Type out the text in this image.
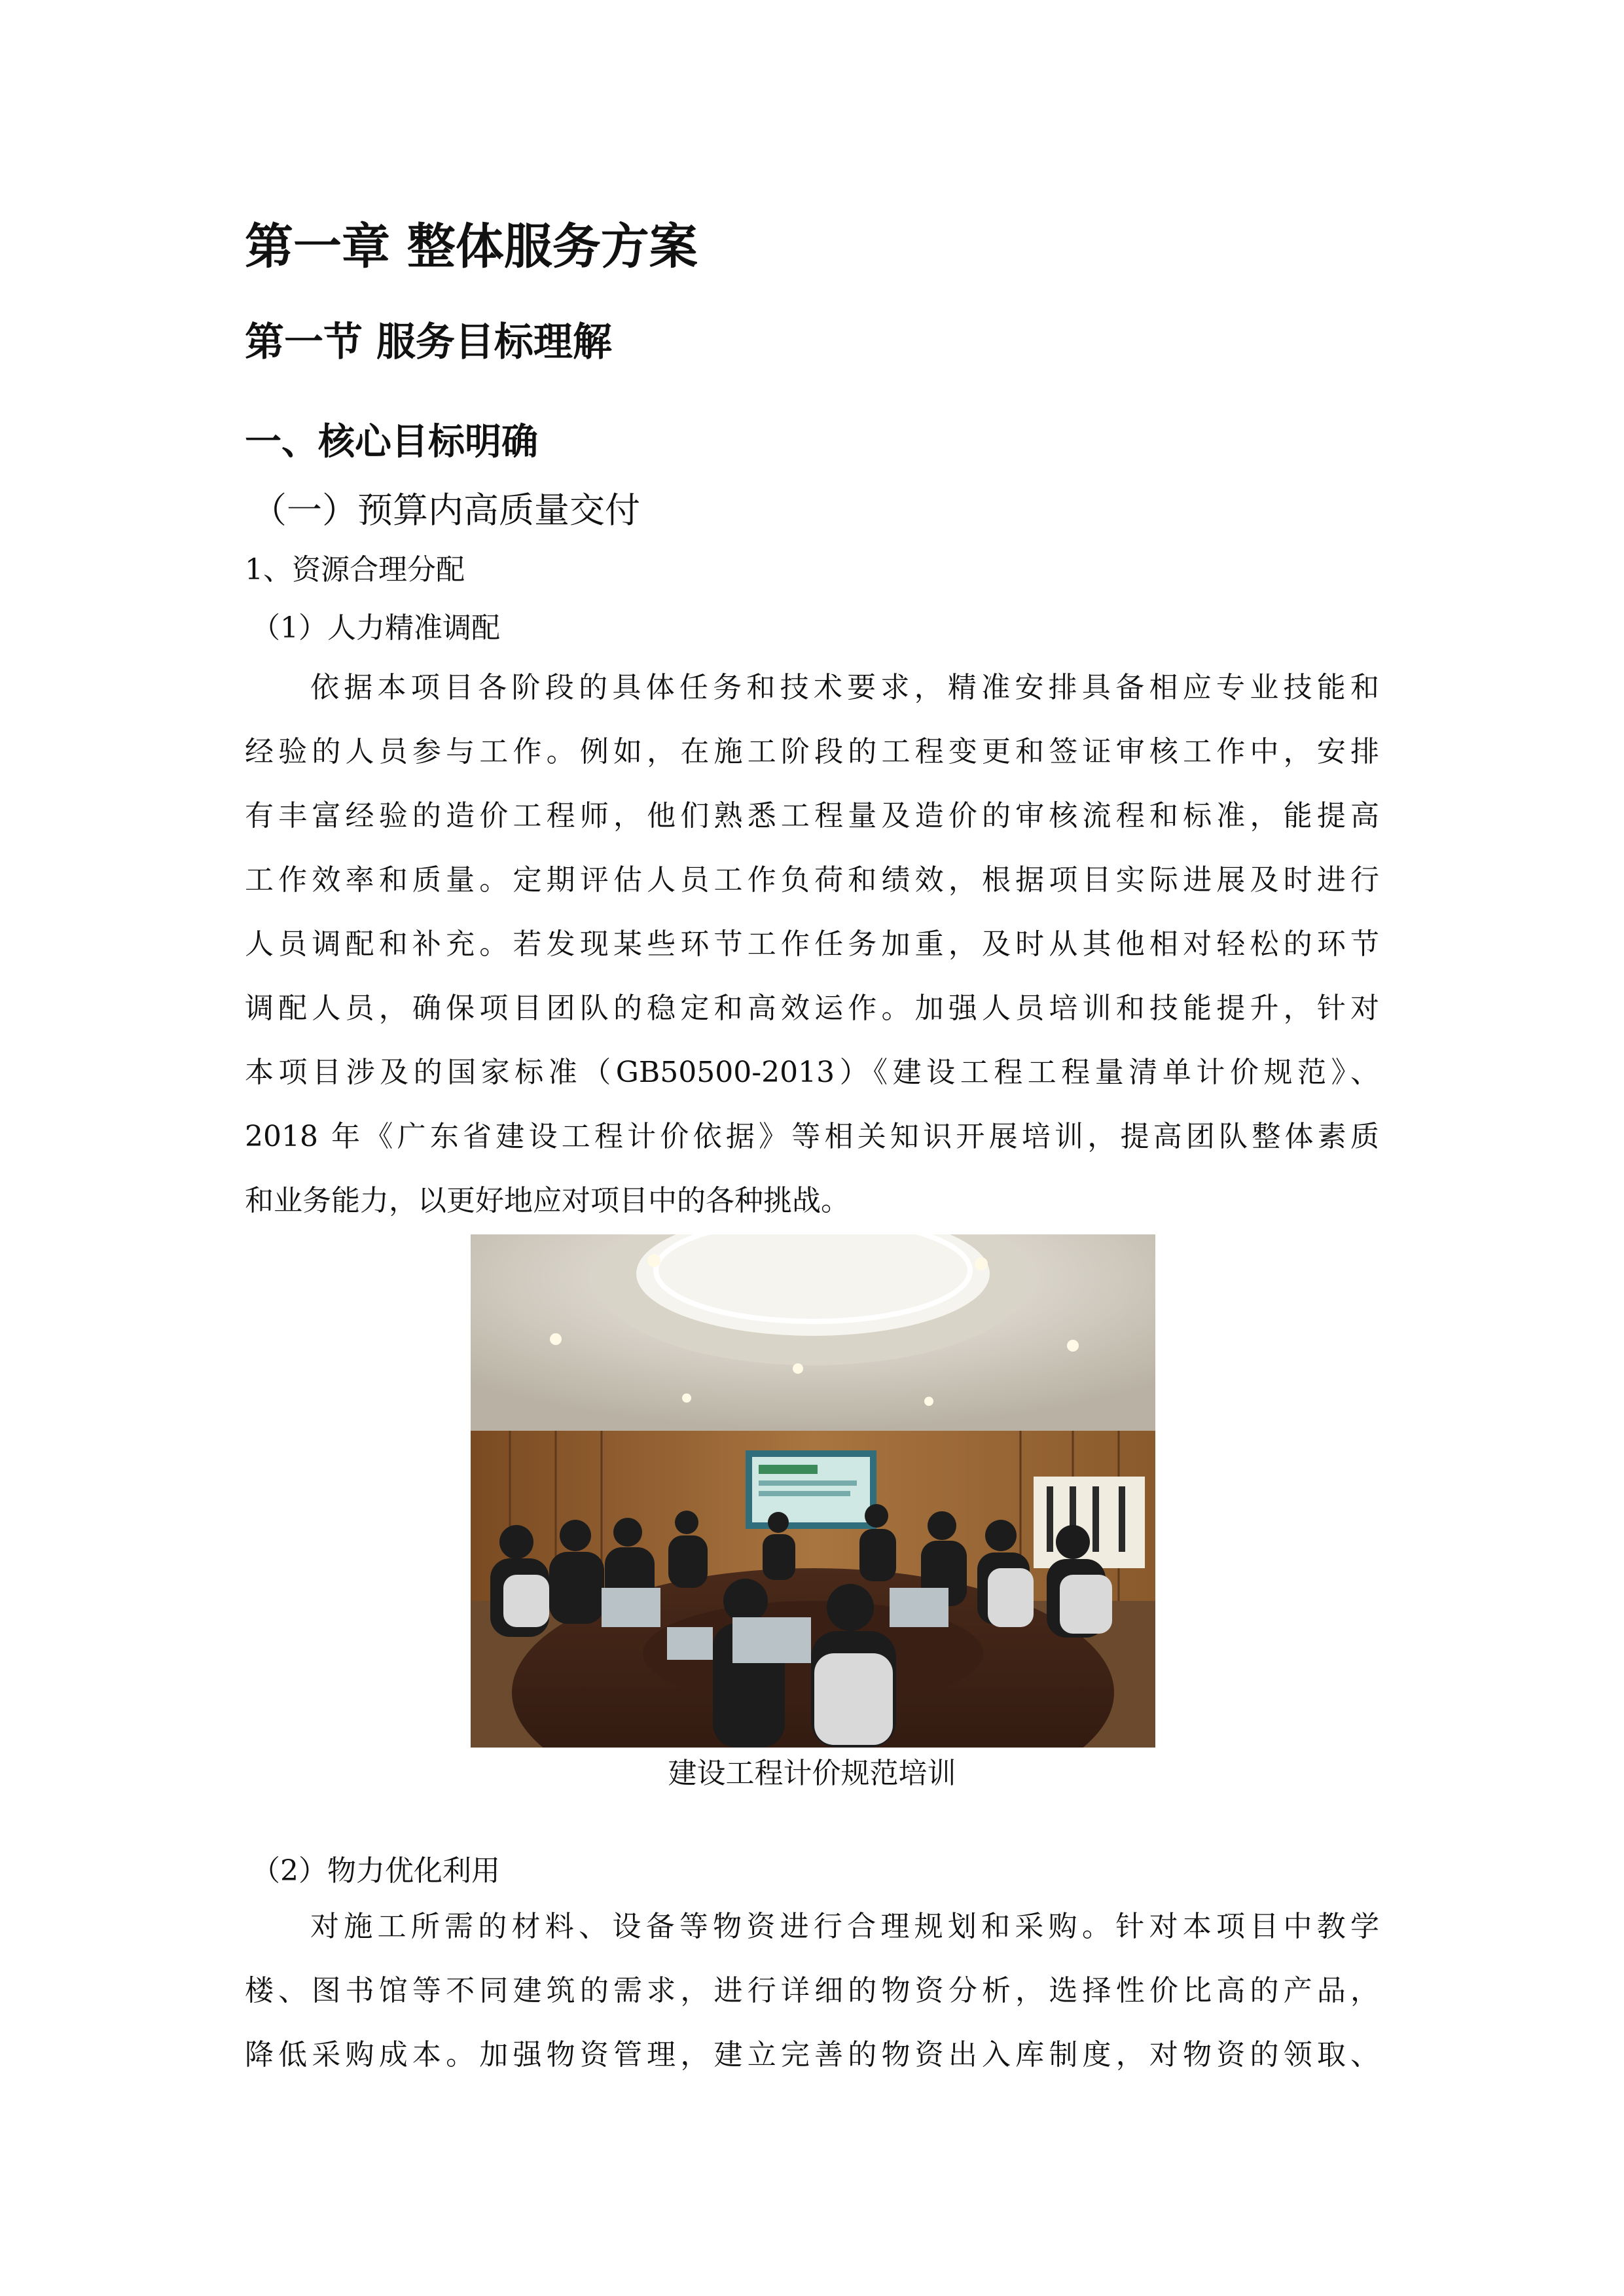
第一章 整体服务方案
第一节 服务目标理解
一、核心目标明确
（一）预算内高质量交付
1、资源合理分配
（1）人力精准调配
依据本项目各阶段的具体任务和技术要求，精准安排具备相应专业技能和
经验的人员参与工作。例如，在施工阶段的工程变更和签证审核工作中，安排
有丰富经验的造价工程师，他们熟悉工程量及造价的审核流程和标准，能提高
工作效率和质量。定期评估人员工作负荷和绩效，根据项目实际进展及时进行
人员调配和补充。若发现某些环节工作任务加重，及时从其他相对轻松的环节
调配人员，确保项目团队的稳定和高效运作。加强人员培训和技能提升，针对
本项目涉及的国家标准（GB50500-2013）《建设工程工程量清单计价规范》、
2018 年《广东省建设工程计价依据》等相关知识开展培训，提高团队整体素质
和业务能力，以更好地应对项目中的各种挑战。
建设工程计价规范培训
（2）物力优化利用
对施工所需的材料、设备等物资进行合理规划和采购。针对本项目中教学
楼、图书馆等不同建筑的需求，进行详细的物资分析，选择性价比高的产品，
降低采购成本。加强物资管理，建立完善的物资出入库制度，对物资的领取、
